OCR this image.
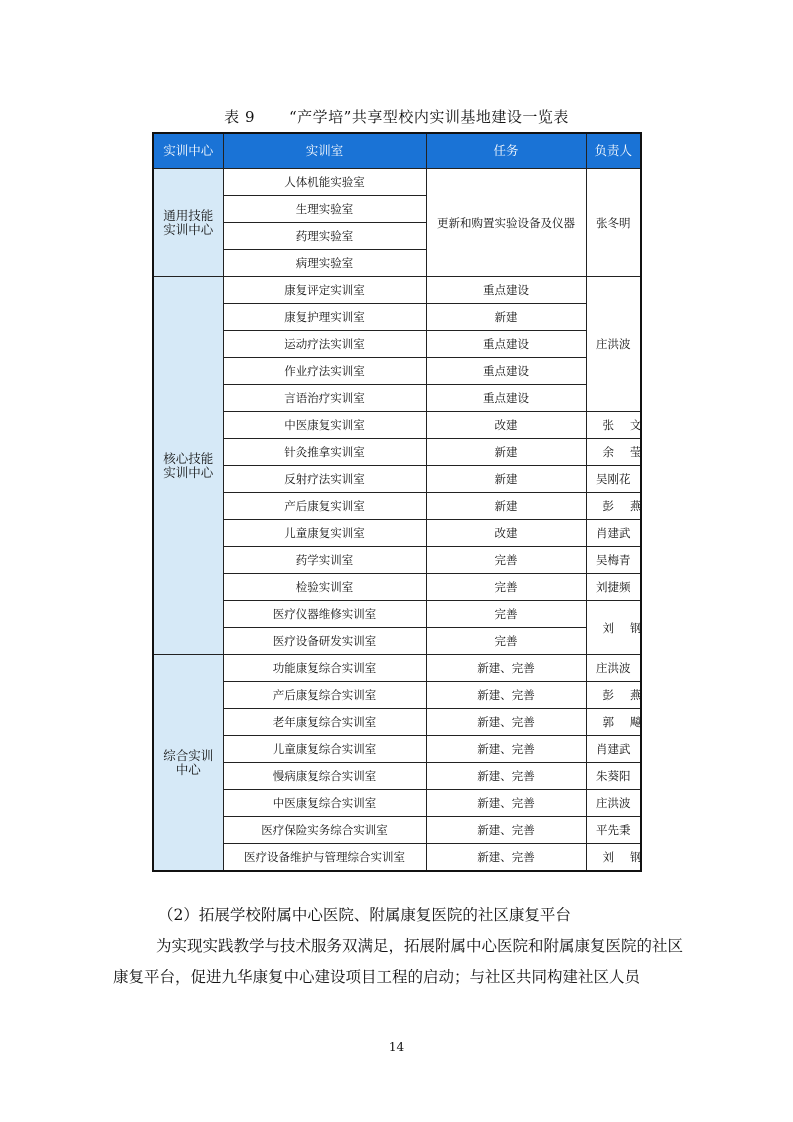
表 9 “产学培”共享型校内实训基地建设一览表
实训中心	实训室	任务	负责人

通用技能
实训中心	人体机能实验室	更新和购置实验设备及仪器	张冬明
	生理实验室		
	药理实验室		
	病理实验室		

核心技能
实训中心	康复评定实训室	重点建设	庄洪波
	康复护理实训室	新建	
	运动疗法实训室	重点建设	
	作业疗法实训室	重点建设	
	言语治疗实训室	重点建设	
	中医康复实训室	改建	张文
	针灸推拿实训室	新建	余莹
	反射疗法实训室	新建	吴刚花
	产后康复实训室	新建	彭燕
	儿童康复实训室	改建	肖建武
	药学实训室	完善	吴梅青
	检验实训室	完善	刘捷频
	医疗仪器维修实训室	完善	刘钢
	医疗设备研发实训室	完善	

综合实训
中心	功能康复综合实训室	新建、完善	庄洪波
	产后康复综合实训室	新建、完善	彭燕
	老年康复综合实训室	新建、完善	郭飚
	儿童康复综合实训室	新建、完善	肖建武
	慢病康复综合实训室	新建、完善	朱葵阳
	中医康复综合实训室	新建、完善	庄洪波
	医疗保险实务综合实训室	新建、完善	平先秉
	医疗设备维护与管理综合实训室	新建、完善	刘钢
（2）拓展学校附属中心医院、附属康复医院的社区康复平台
为实现实践教学与技术服务双满足，拓展附属中心医院和附属康复医院的社区康复平台，促进九华康复中心建设项目工程的启动；与社区共同构建社区人员
14
